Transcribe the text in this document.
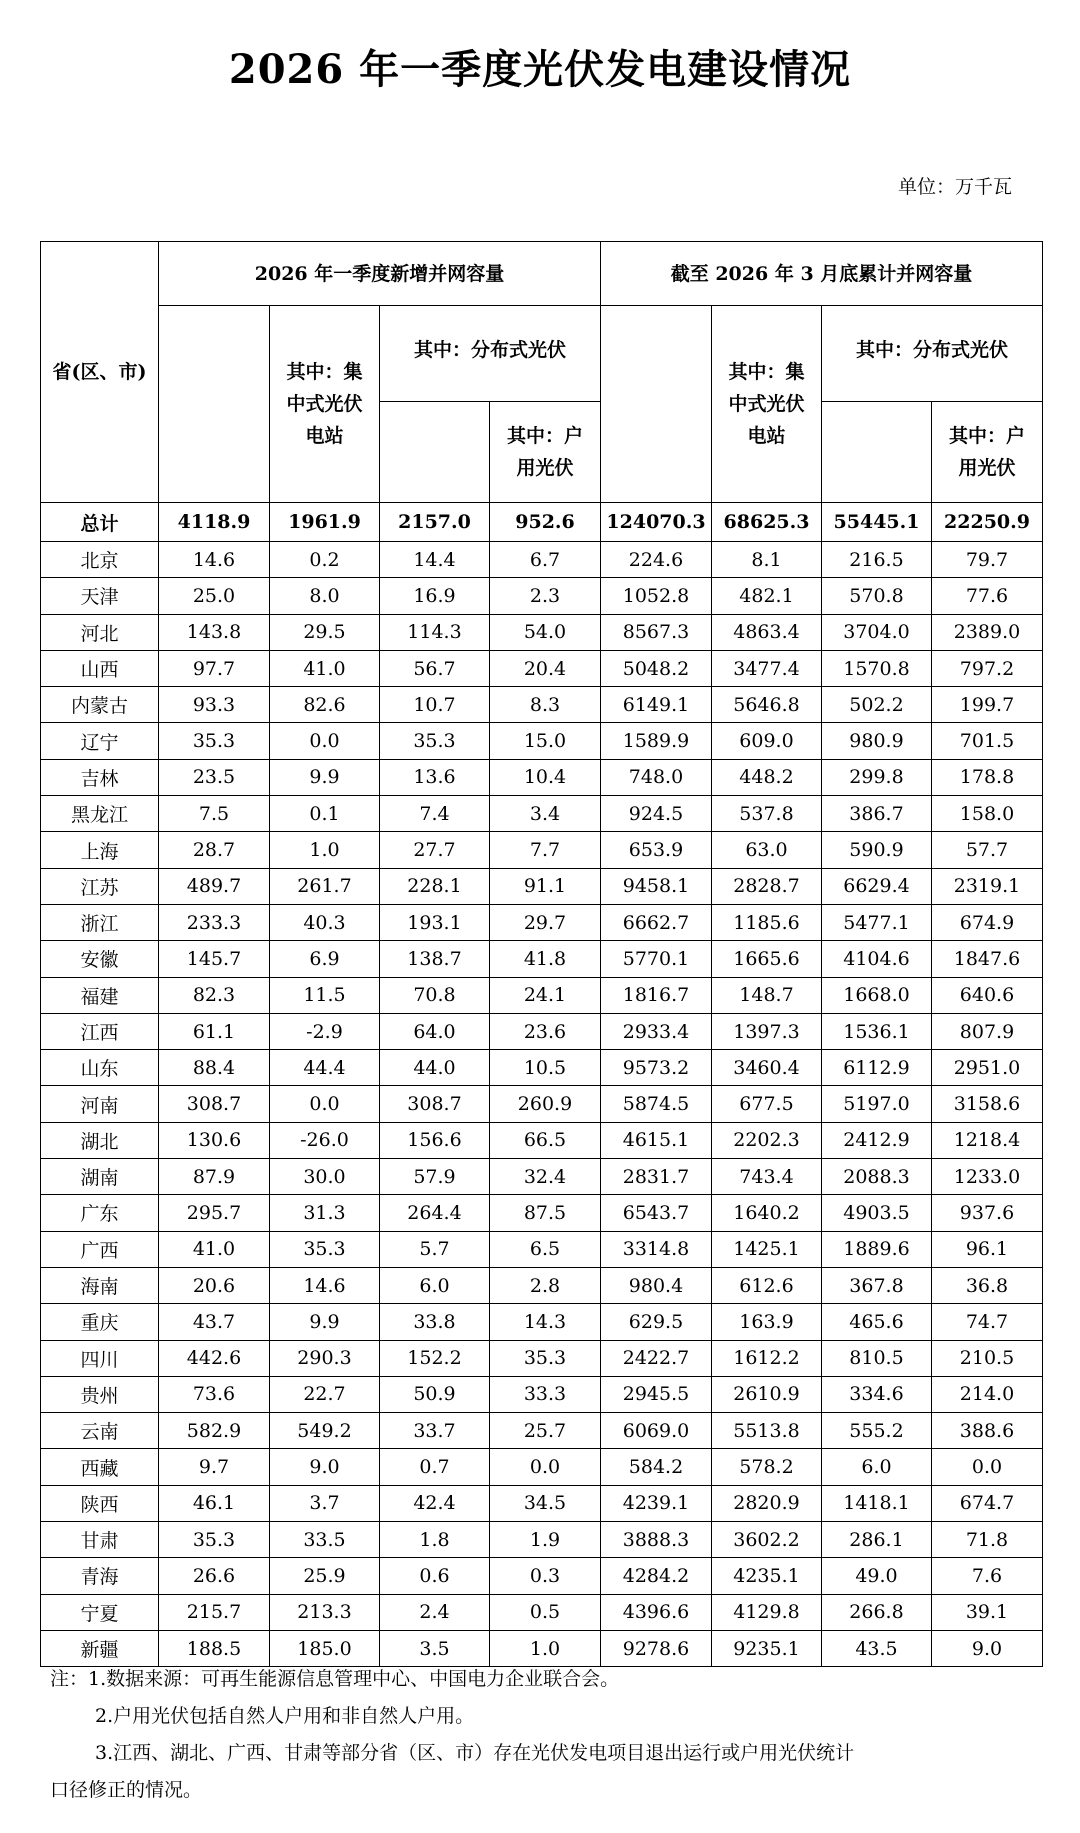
2026 年一季度光伏发电建设情况
单位：万千瓦
省(区、市)	2026 年一季度新增并网容量				截至 2026 年 3 月底累计并网容量			

		其中：集中式光伏电站	其中：分布式光伏			其中：集中式光伏电站	其中：分布式光伏	

				其中：户用光伏				其中：户用光伏

总计	4118.9	1961.9	2157.0	952.6	124070.3	68625.3	55445.1	22250.9
北京	14.6	0.2	14.4	6.7	224.6	8.1	216.5	79.7
天津	25.0	8.0	16.9	2.3	1052.8	482.1	570.8	77.6
河北	143.8	29.5	114.3	54.0	8567.3	4863.4	3704.0	2389.0
山西	97.7	41.0	56.7	20.4	5048.2	3477.4	1570.8	797.2
内蒙古	93.3	82.6	10.7	8.3	6149.1	5646.8	502.2	199.7
辽宁	35.3	0.0	35.3	15.0	1589.9	609.0	980.9	701.5
吉林	23.5	9.9	13.6	10.4	748.0	448.2	299.8	178.8
黑龙江	7.5	0.1	7.4	3.4	924.5	537.8	386.7	158.0
上海	28.7	1.0	27.7	7.7	653.9	63.0	590.9	57.7
江苏	489.7	261.7	228.1	91.1	9458.1	2828.7	6629.4	2319.1
浙江	233.3	40.3	193.1	29.7	6662.7	1185.6	5477.1	674.9
安徽	145.7	6.9	138.7	41.8	5770.1	1665.6	4104.6	1847.6
福建	82.3	11.5	70.8	24.1	1816.7	148.7	1668.0	640.6
江西	61.1	-2.9	64.0	23.6	2933.4	1397.3	1536.1	807.9
山东	88.4	44.4	44.0	10.5	9573.2	3460.4	6112.9	2951.0
河南	308.7	0.0	308.7	260.9	5874.5	677.5	5197.0	3158.6
湖北	130.6	-26.0	156.6	66.5	4615.1	2202.3	2412.9	1218.4
湖南	87.9	30.0	57.9	32.4	2831.7	743.4	2088.3	1233.0
广东	295.7	31.3	264.4	87.5	6543.7	1640.2	4903.5	937.6
广西	41.0	35.3	5.7	6.5	3314.8	1425.1	1889.6	96.1
海南	20.6	14.6	6.0	2.8	980.4	612.6	367.8	36.8
重庆	43.7	9.9	33.8	14.3	629.5	163.9	465.6	74.7
四川	442.6	290.3	152.2	35.3	2422.7	1612.2	810.5	210.5
贵州	73.6	22.7	50.9	33.3	2945.5	2610.9	334.6	214.0
云南	582.9	549.2	33.7	25.7	6069.0	5513.8	555.2	388.6
西藏	9.7	9.0	0.7	0.0	584.2	578.2	6.0	0.0
陕西	46.1	3.7	42.4	34.5	4239.1	2820.9	1418.1	674.7
甘肃	35.3	33.5	1.8	1.9	3888.3	3602.2	286.1	71.8
青海	26.6	25.9	0.6	0.3	4284.2	4235.1	49.0	7.6
宁夏	215.7	213.3	2.4	0.5	4396.6	4129.8	266.8	39.1
新疆	188.5	185.0	3.5	1.0	9278.6	9235.1	43.5	9.0
注：1.数据来源：可再生能源信息管理中心、中国电力企业联合会。
2.户用光伏包括自然人户用和非自然人户用。
3.江西、湖北、广西、甘肃等部分省（区、市）存在光伏发电项目退出运行或户用光伏统计
口径修正的情况。
